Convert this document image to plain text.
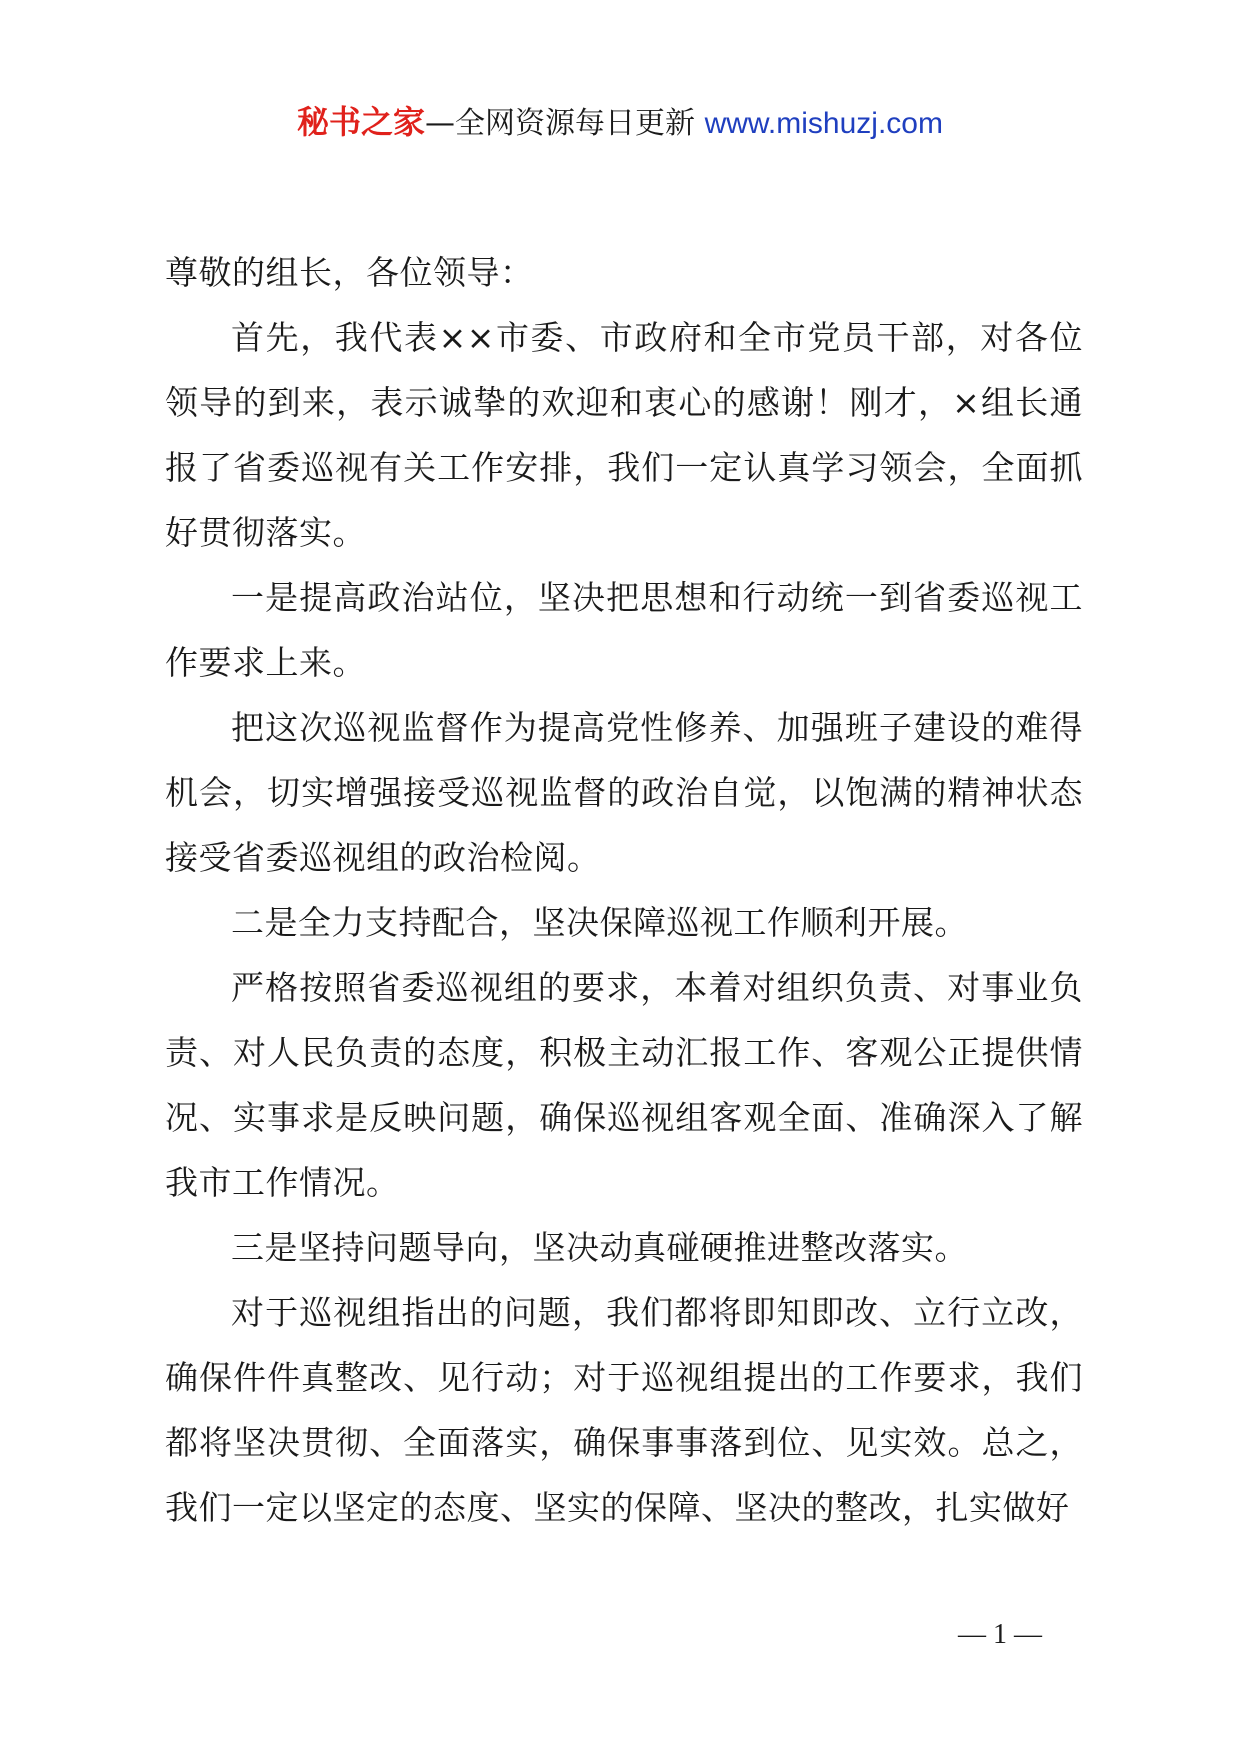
秘书之家—全网资源每日更新 www.mishuzj.com

尊敬的组长，各位领导：

首先，我代表××市委、市政府和全市党员干部，对各位领导的到来，表示诚挚的欢迎和衷心的感谢！刚才，×组长通报了省委巡视有关工作安排，我们一定认真学习领会，全面抓好贯彻落实。

一是提高政治站位，坚决把思想和行动统一到省委巡视工作要求上来。

把这次巡视监督作为提高党性修养、加强班子建设的难得机会，切实增强接受巡视监督的政治自觉，以饱满的精神状态接受省委巡视组的政治检阅。

二是全力支持配合，坚决保障巡视工作顺利开展。

严格按照省委巡视组的要求，本着对组织负责、对事业负责、对人民负责的态度，积极主动汇报工作、客观公正提供情况、实事求是反映问题，确保巡视组客观全面、准确深入了解我市工作情况。

三是坚持问题导向，坚决动真碰硬推进整改落实。

对于巡视组指出的问题，我们都将即知即改、立行立改，确保件件真整改、见行动；对于巡视组提出的工作要求，我们都将坚决贯彻、全面落实，确保事事落到位、见实效。总之，我们一定以坚定的态度、坚实的保障、坚决的整改，扎实做好

— 1 —
